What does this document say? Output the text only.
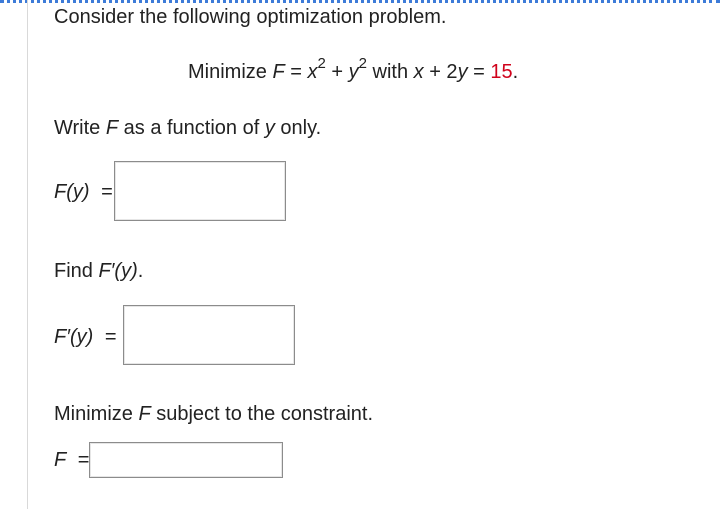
Consider the following optimization problem.
Minimize $F = x^2 + y^2$ with x + 2y = 15.
Write F as a function of y only.
F(y) =
Find F′(y).
F′(y) =
Minimize F subject to the constraint.
F =
